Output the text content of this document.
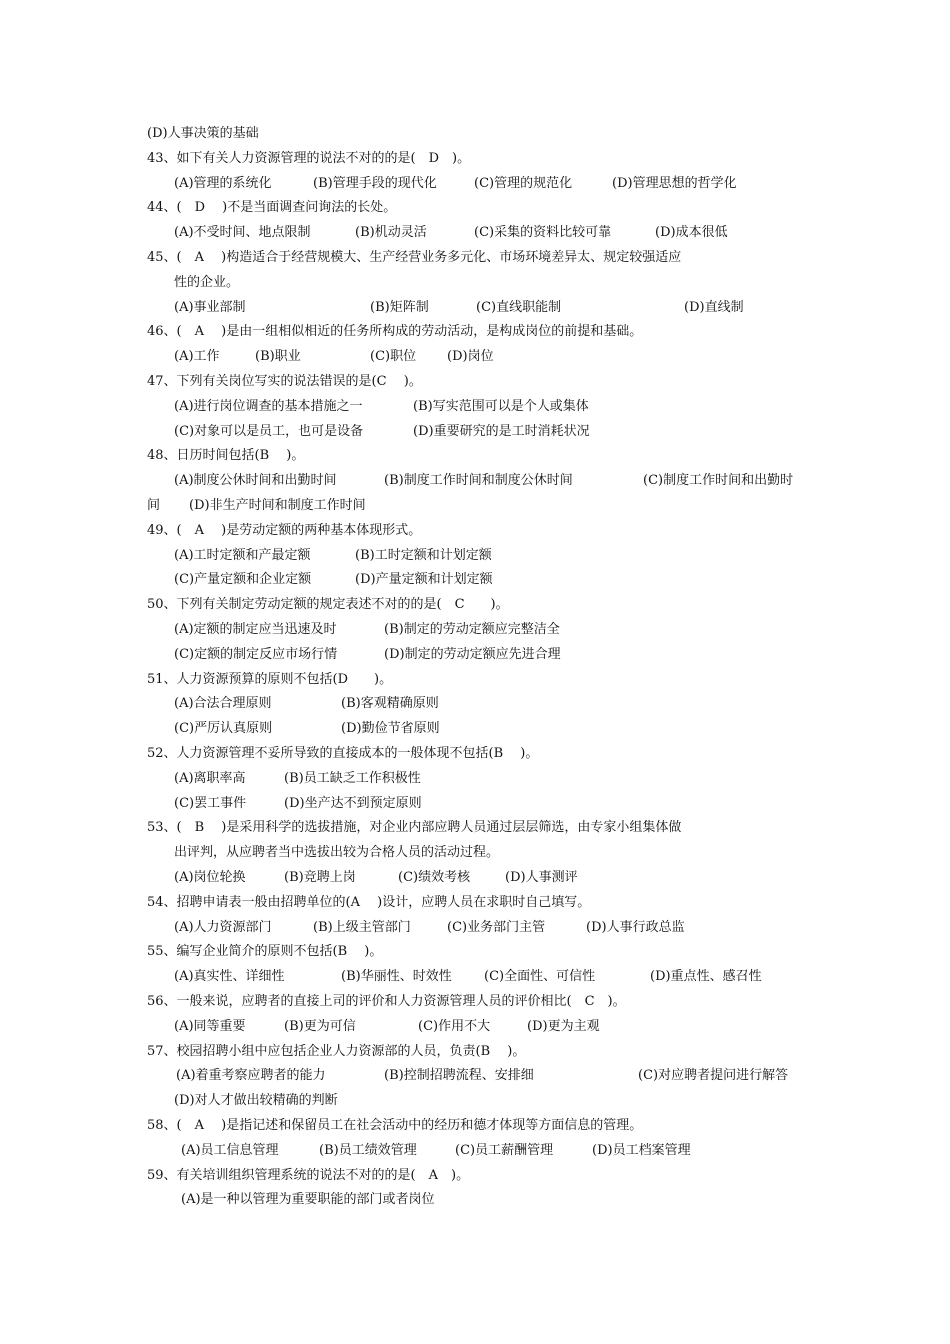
(D)人事决策的基础
43、如下有关人力资源管理的说法不对的的是(　D　)。
(A)管理的系统化	(B)管理手段的现代化	(C)管理的规范化	(D)管理思想的哲学化
44、(　D　 )不是当面调查问询法的长处。
(A)不受时间、地点限制	(B)机动灵活	(C)采集的资料比较可靠	(D)成本很低
45、(　A　 )构造适合于经营规模大、生产经营业务多元化、市场环境差异太、规定较强适应
性的企业。
(A)事业部制	(B)矩阵制	(C)直线职能制	(D)直线制
46、(　A　 )是由一组相似相近的任务所构成的劳动活动，是构成岗位的前提和基础。
(A)工作	(B)职业	(C)职位 (D)岗位
47、下列有关岗位写实的说法错误的是(C　 )。
(A)进行岗位调查的基本措施之一	(B)写实范围可以是个人或集体
(C)对象可以是员工，也可是设备	(D)重要研究的是工时消耗状况
48、日历时间包括(B　 )。
(A)制度公休时间和出勤时间	(B)制度工作时间和制度公休时间	(C)制度工作时间和出勤时
间 (D)非生产时间和制度工作时间
49、(　A　 )是劳动定额的两种基本体现形式。
(A)工时定额和产最定额	(B)工时定额和计划定额
(C)产量定额和企业定额	(D)产量定额和计划定额
50、下列有关制定劳动定额的规定表述不对的的是(　C　　)。
(A)定额的制定应当迅速及时	(B)制定的劳动定额应完整洁全
(C)定额的制定反应市场行情	(D)制定的劳动定额应先进合理
51、人力资源预算的原则不包括(D　　)。
(A)合法合理原则	(B)客观精确原则
(C)严厉认真原则	(D)勤俭节省原则
52、人力资源管理不妥所导致的直接成本的一般体现不包括(B　 )。
(A)离职率高	(B)员工缺乏工作积极性
(C)罢工事件	(D)坐产达不到预定原则
53、(　B　 )是采用科学的选拔措施，对企业内部应聘人员通过层层筛选，由专家小组集体做
出评判，从应聘者当中选拔出较为合格人员的活动过程。
(A)岗位轮换	(B)竞聘上岗	(C)绩效考核	(D)人事测评
54、招聘申请表一般由招聘单位的(A　 )设计，应聘人员在求职时自己填写。
(A)人力资源部门	(B)上级主管部门	(C)业务部门主管	(D)人事行政总监
55、编写企业简介的原则不包括(B　 )。
(A)真实性、详细性	(B)华丽性、时效性 (C)全面性、可信性	(D)重点性、感召性
56、一般来说，应聘者的直接上司的评价和人力资源管理人员的评价相比(　C　)。
(A)同等重要	(B)更为可信	(C)作用不大	(D)更为主观
57、校园招聘小组中应包括企业人力资源部的人员，负责(B　 )。
(A)着重考察应聘者的能力	(B)控制招聘流程、安排细	(C)对应聘者提问进行解答
(D)对人才做出较精确的判断
58、(　A　 )是指记述和保留员工在社会活动中的经历和德才体现等方面信息的管理。
(A)员工信息管理	(B)员工绩效管理	(C)员工薪酬管理	(D)员工档案管理
59、有关培训组织管理系统的说法不对的的是(　A　)。
(A)是一种以管理为重要职能的部门或者岗位
